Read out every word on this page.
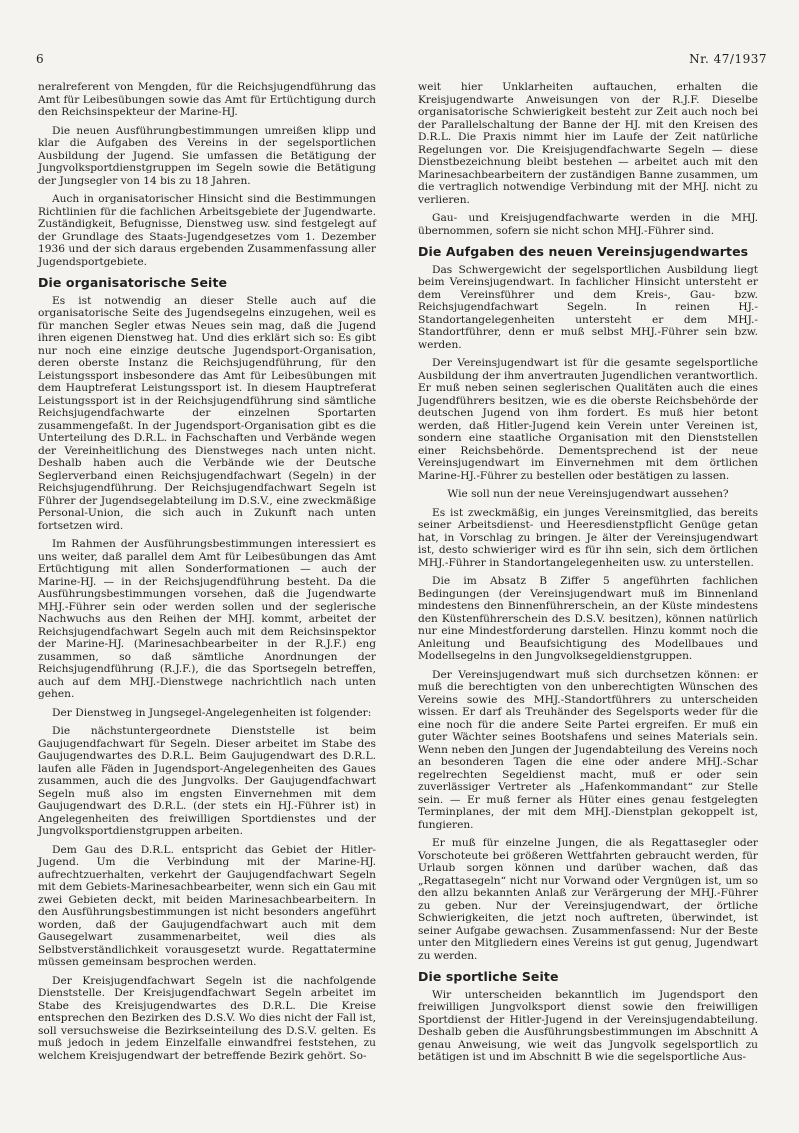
6	Nr. 47/1937

neralreferent von Mengden, für die Reichsjugendführung das Amt für Leibesübungen sowie das Amt für Ertüchtigung durch den Reichsinspekteur der Marine-HJ.

Die neuen Ausführungbestimmungen umreißen klipp und klar die Aufgaben des Vereins in der segelsportlichen Ausbildung der Jugend. Sie umfassen die Betätigung der Jungvolksportdienstgruppen im Segeln sowie die Betätigung der Jungsegler von 14 bis zu 18 Jahren.

Auch in organisatorischer Hinsicht sind die Bestimmungen Richtlinien für die fachlichen Arbeitsgebiete der Jugendwarte. Zuständigkeit, Befugnisse, Dienstweg usw. sind festgelegt auf der Grundlage des Staats-Jugendgesetzes vom 1. Dezember 1936 und der sich daraus ergebenden Zusammenfassung aller Jugendsportgebiete.

Die organisatorische Seite

Es ist notwendig an dieser Stelle auch auf die organisatorische Seite des Jugendsegelns einzugehen, weil es für manchen Segler etwas Neues sein mag, daß die Jugend ihren eigenen Dienstweg hat. Und dies erklärt sich so: Es gibt nur noch eine einzige deutsche Jugendsport-Organisation, deren oberste Instanz die Reichsjugendführung, für den Leistungssport insbesondere das Amt für Leibesübungen mit dem Hauptreferat Leistungssport ist. In diesem Hauptreferat Leistungssport ist in der Reichsjugendführung sind sämtliche Reichsjugendfachwarte der einzelnen Sportarten zusammengefaßt. In der Jugendsport-Organisation gibt es die Unterteilung des D.R.L. in Fachschaften und Verbände wegen der Vereinheitlichung des Dienstweges nach unten nicht. Deshalb haben auch die Verbände wie der Deutsche Seglerverband einen Reichsjugendfachwart (Segeln) in der Reichsjugendführung. Der Reichsjugendfachwart Segeln ist Führer der Jugendsegelabteilung im D.S.V., eine zweckmäßige Personal-Union, die sich auch in Zukunft nach unten fortsetzen wird.

Im Rahmen der Ausführungsbestimmungen interessiert es uns weiter, daß parallel dem Amt für Leibesübungen das Amt Ertüchtigung mit allen Sonderformationen — auch der Marine-HJ. — in der Reichsjugendführung besteht. Da die Ausführungsbestimmungen vorsehen, daß die Jugendwarte MHJ.-Führer sein oder werden sollen und der seglerische Nachwuchs aus den Reihen der MHJ. kommt, arbeitet der Reichsjugendfachwart Segeln auch mit dem Reichsinspektor der Marine-HJ. (Marinesachbearbeiter in der R.J.F.) eng zusammen, so daß sämtliche Anordnungen der Reichsjugendführung (R.J.F.), die das Sportsegeln betreffen, auch auf dem MHJ.-Dienstwege nachrichtlich nach unten gehen.

Der Dienstweg in Jungsegel-Angelegenheiten ist folgender:

Die nächstuntergeordnete Dienststelle ist beim Gaujugendfachwart für Segeln. Dieser arbeitet im Stabe des Gaujugendwartes des D.R.L. Beim Gaujugendwart des D.R.L. laufen alle Fäden in Jugendsport-Angelegenheiten des Gaues zusammen, auch die des Jungvolks. Der Gaujugendfachwart Segeln muß also im engsten Einvernehmen mit dem Gaujugendwart des D.R.L. (der stets ein HJ.-Führer ist) in Angelegenheiten des freiwilligen Sportdienstes und der Jungvolksportdienstgruppen arbeiten.

Dem Gau des D.R.L. entspricht das Gebiet der Hitler-Jugend. Um die Verbindung mit der Marine-HJ. aufrechtzuerhalten, verkehrt der Gaujugendfachwart Segeln mit dem Gebiets-Marinesachbearbeiter, wenn sich ein Gau mit zwei Gebieten deckt, mit beiden Marinesachbearbeitern. In den Ausführungsbestimmungen ist nicht besonders angeführt worden, daß der Gaujugendfachwart auch mit dem Gausegelwart zusammenarbeitet, weil dies als Selbstverständlichkeit vorausgesetzt wurde. Regattatermine müssen gemeinsam besprochen werden.

Der Kreisjugendfachwart Segeln ist die nachfolgende Dienststelle. Der Kreisjugendfachwart Segeln arbeitet im Stabe des Kreisjugendwartes des D.R.L. Die Kreise entsprechen den Bezirken des D.S.V. Wo dies nicht der Fall ist, soll versuchsweise die Bezirkseinteilung des D.S.V. gelten. Es muß jedoch in jedem Einzelfalle einwandfrei feststehen, zu welchem Kreisjugendwart der betreffende Bezirk gehört. So-

weit hier Unklarheiten auftauchen, erhalten die Kreisjugendwarte Anweisungen von der R.J.F. Dieselbe organisatorische Schwierigkeit besteht zur Zeit auch noch bei der Parallelschaltung der Banne der HJ. mit den Kreisen des D.R.L. Die Praxis nimmt hier im Laufe der Zeit natürliche Regelungen vor. Die Kreisjugendfachwarte Segeln — diese Dienstbezeichnung bleibt bestehen — arbeitet auch mit den Marinesachbearbeitern der zuständigen Banne zusammen, um die vertraglich notwendige Verbindung mit der MHJ. nicht zu verlieren.

Gau- und Kreisjugendfachwarte werden in die MHJ. übernommen, sofern sie nicht schon MHJ.-Führer sind.

Die Aufgaben des neuen Vereinsjugendwartes

Das Schwergewicht der segelsportlichen Ausbildung liegt beim Vereinsjugendwart. In fachlicher Hinsicht untersteht er dem Vereinsführer und dem Kreis-, Gau- bzw. Reichsjugendfachwart Segeln. In reinen HJ.-Standortangelegenheiten untersteht er dem MHJ.-Standortführer, denn er muß selbst MHJ.-Führer sein bzw. werden.

Der Vereinsjugendwart ist für die gesamte segelsportliche Ausbildung der ihm anvertrauten Jugendlichen verantwortlich. Er muß neben seinen seglerischen Qualitäten auch die eines Jugendführers besitzen, wie es die oberste Reichsbehörde der deutschen Jugend von ihm fordert. Es muß hier betont werden, daß Hitler-Jugend kein Verein unter Vereinen ist, sondern eine staatliche Organisation mit den Dienststellen einer Reichsbehörde. Dementsprechend ist der neue Vereinsjugendwart im Einvernehmen mit dem örtlichen Marine-HJ.-Führer zu bestellen oder bestätigen zu lassen.

Wie soll nun der neue Vereinsjugendwart aussehen?

Es ist zweckmäßig, ein junges Vereinsmitglied, das bereits seiner Arbeitsdienst- und Heeresdienstpflicht Genüge getan hat, in Vorschlag zu bringen. Je älter der Vereinsjugendwart ist, desto schwieriger wird es für ihn sein, sich dem örtlichen MHJ.-Führer in Standortangelegenheiten usw. zu unterstellen.

Die im Absatz B Ziffer 5 angeführten fachlichen Bedingungen (der Vereinsjugendwart muß im Binnenland mindestens den Binnenführerschein, an der Küste mindestens den Küstenführerschein des D.S.V. besitzen), können natürlich nur eine Mindestforderung darstellen. Hinzu kommt noch die Anleitung und Beaufsichtigung des Modellbaues und Modellsegelns in den Jungvolksegeldienstgruppen.

Der Vereinsjugendwart muß sich durchsetzen können: er muß die berechtigten von den unberechtigten Wünschen des Vereins sowie des MHJ.-Standortführers zu unterscheiden wissen. Er darf als Treuhänder des Segelsports weder für die eine noch für die andere Seite Partei ergreifen. Er muß ein guter Wächter seines Bootshafens und seines Materials sein. Wenn neben den Jungen der Jugendabteilung des Vereins noch an besonderen Tagen die eine oder andere MHJ.-Schar regelrechten Segeldienst macht, muß er oder sein zuverlässiger Vertreter als „Hafenkommandant“ zur Stelle sein. — Er muß ferner als Hüter eines genau festgelegten Terminplanes, der mit dem MHJ.-Dienstplan gekoppelt ist, fungieren.

Er muß für einzelne Jungen, die als Regattasegler oder Vorschoteute bei größeren Wettfahrten gebraucht werden, für Urlaub sorgen können und darüber wachen, daß das „Regattasegeln“ nicht nur Vorwand oder Vergnügen ist, um so den allzu bekannten Anlaß zur Verärgerung der MHJ.-Führer zu geben. Nur der Vereinsjugendwart, der örtliche Schwierigkeiten, die jetzt noch auftreten, überwindet, ist seiner Aufgabe gewachsen. Zusammenfassend: Nur der Beste unter den Mitgliedern eines Vereins ist gut genug, Jugendwart zu werden.

Die sportliche Seite

Wir unterscheiden bekanntlich im Jugendsport den freiwilligen Jungvolksport dienst sowie den freiwilligen Sportdienst der Hitler-Jugend in der Vereinsjugendabteilung. Deshalb geben die Ausführungsbestimmungen im Abschnitt A genau Anweisung, wie weit das Jungvolk segelsportlich zu betätigen ist und im Abschnitt B wie die segelsportliche Aus-
